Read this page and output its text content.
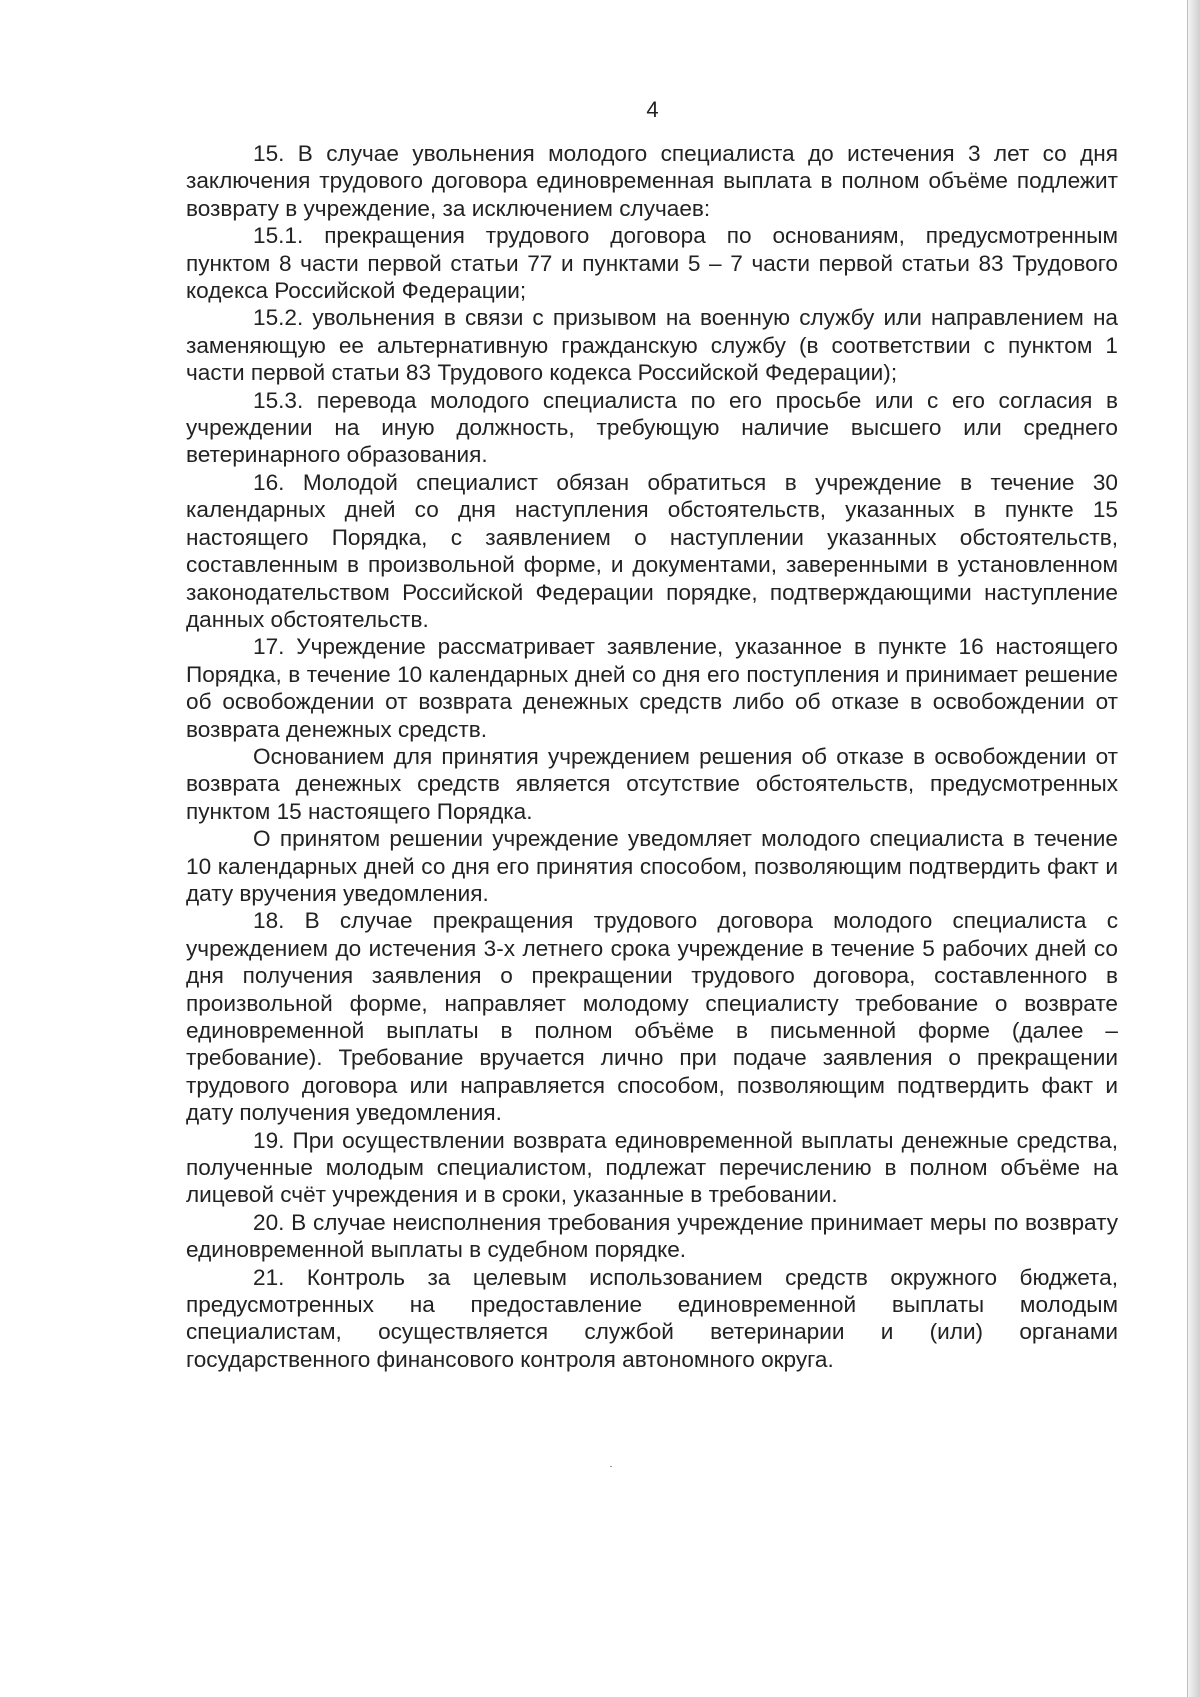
4

15. В случае увольнения молодого специалиста до истечения 3 лет со дня заключения трудового договора единовременная выплата в полном объёме подлежит возврату в учреждение, за исключением случаев:

15.1. прекращения трудового договора по основаниям, предусмотренным пунктом 8 части первой статьи 77 и пунктами 5 – 7 части первой статьи 83 Трудового кодекса Российской Федерации;

15.2. увольнения в связи с призывом на военную службу или направлением на заменяющую ее альтернативную гражданскую службу (в соответствии с пунктом 1 части первой статьи 83 Трудового кодекса Российской Федерации);

15.3. перевода молодого специалиста по его просьбе или с его согласия в учреждении на иную должность, требующую наличие высшего или среднего ветеринарного образования.

16. Молодой специалист обязан обратиться в учреждение в течение 30 календарных дней со дня наступления обстоятельств, указанных в пункте 15 настоящего Порядка, с заявлением о наступлении указанных обстоятельств, составленным в произвольной форме, и документами, заверенными в установленном законодательством Российской Федерации порядке, подтверждающими наступление данных обстоятельств.

17. Учреждение рассматривает заявление, указанное в пункте 16 настоящего Порядка, в течение 10 календарных дней со дня его поступления и принимает решение об освобождении от возврата денежных средств либо об отказе в освобождении от возврата денежных средств.

Основанием для принятия учреждением решения об отказе в освобождении от возврата денежных средств является отсутствие обстоятельств, предусмотренных пунктом 15 настоящего Порядка.

О принятом решении учреждение уведомляет молодого специалиста в течение 10 календарных дней со дня его принятия способом, позволяющим подтвердить факт и дату вручения уведомления.

18. В случае прекращения трудового договора молодого специалиста с учреждением до истечения 3-х летнего срока учреждение в течение 5 рабочих дней со дня получения заявления о прекращении трудового договора, составленного в произвольной форме, направляет молодому специалисту требование о возврате единовременной выплаты в полном объёме в письменной форме (далее – требование). Требование вручается лично при подаче заявления о прекращении трудового договора или направляется способом, позволяющим подтвердить факт и дату получения уведомления.

19. При осуществлении возврата единовременной выплаты денежные средства, полученные молодым специалистом, подлежат перечислению в полном объёме на лицевой счёт учреждения и в сроки, указанные в требовании.

20. В случае неисполнения требования учреждение принимает меры по возврату единовременной выплаты в судебном порядке.

21. Контроль за целевым использованием средств окружного бюджета, предусмотренных на предоставление единовременной выплаты молодым специалистам, осуществляется службой ветеринарии и (или) органами государственного финансового контроля автономного округа.
